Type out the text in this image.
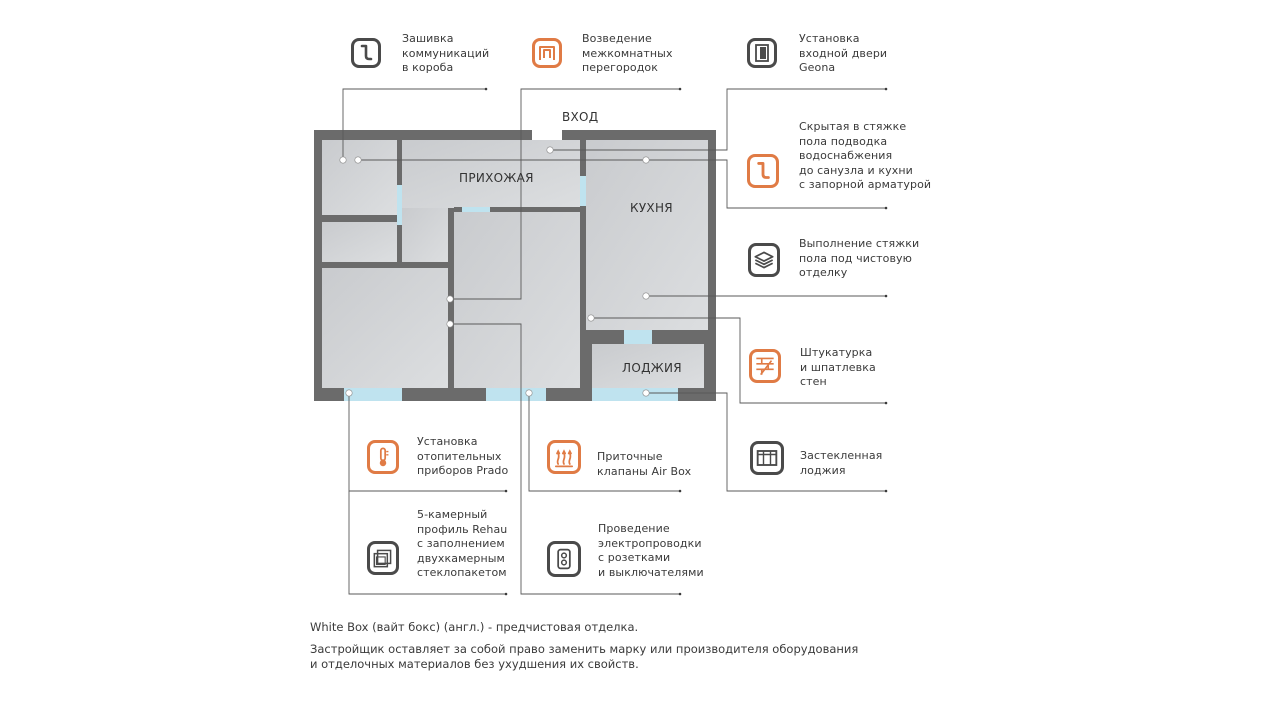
ВХОД
ПРИХОЖАЯ
КУХНЯ
ЛОДЖИЯ
Зашивка
коммуникаций
в короба
Возведение
межкомнатных
перегородок
Установка
входной двери
Geona
Скрытая в стяжке
пола подводка
водоснабжения
до санузла и кухни
с запорной арматурой
Выполнение стяжки
пола под чистовую
отделку
Штукатурка
и шпатлевка
стен
Установка
отопительных
приборов Prado
Приточные
клапаны Air Box
Застекленная
лоджия
5-камерный
профиль Rehau
с заполнением
двухкамерным
стеклопакетом
Проведение
электропроводки
с розетками
и выключателями
White Box (вайт бокс) (англ.) - предчистовая отделка.
Застройщик оставляет за собой право заменить марку или производителя оборудования
и отделочных материалов без ухудшения их свойств.
